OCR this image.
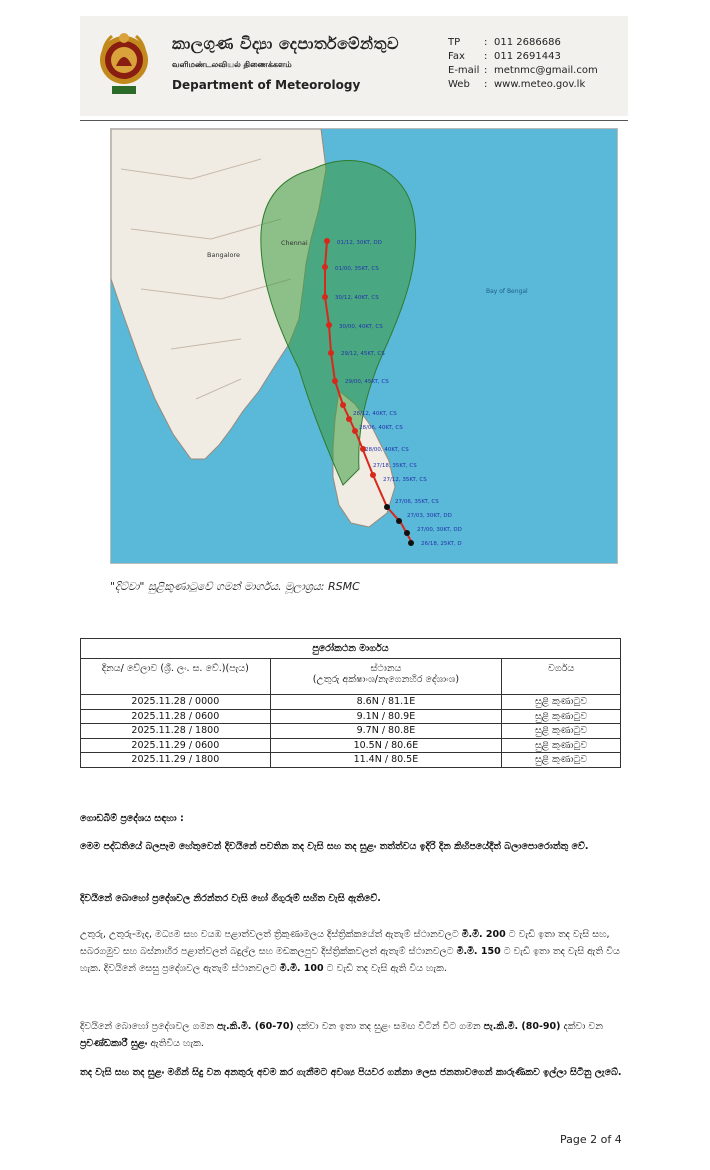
කාලගුණ විද්‍යා දෙපාර්තමේන්තුව
வளிமண்டலவியல் திணைக்களம்
Department of Meteorology
TP	: 011 2686686
Fax	: 011 2691443
E-mail : metnmc@gmail.com
Web	: www.meteo.gov.lk
01/12, 30KT, DD
01/00, 35KT, CS
30/12, 40KT, CS
30/00, 40KT, CS
29/12, 45KT, CS
29/00, 45KT, CS
28/12, 40KT, CS
28/06, 40KT, CS
28/00, 40KT, CS
27/18, 35KT, CS
27/12, 35KT, CS
27/06, 35KT, CS
27/03, 30KT, DD
27/00, 30KT, DD
26/18, 25KT, D
Bangalore
Chennai
Bay of Bengal
"දිට්වා" සුළිකුණාටුවේ ගමන් මාර්ගය. මූලාශ්‍රය: RSMC
පුරෝකථන මාර්ගය		
දිනය/ වේලාව (ශ්‍රී. ලං. ස. වේ.)(පැය)	ස්ථානය
(උතුරු අක්ෂාංශ/නැගෙනහිර දේශාංශ)	වර්ගය
2025.11.28 / 0000	8.6N / 81.1E	සුළි කුණාටුව
2025.11.28 / 0600	9.1N / 80.9E	සුළි කුණාටුව
2025.11.28 / 1800	9.7N / 80.8E	සුළි කුණාටුව
2025.11.29 / 0600	10.5N / 80.6E	සුළි කුණාටුව
2025.11.29 / 1800	11.4N / 80.5E	සුළි කුණාටුව
ගොඩබිම් ප්‍රදේශය සඳහා :
මෙම පද්ධතියේ බලපෑම හේතුවෙන් දිවයිනේ පවතින තද වැසි සහ තද සුළං තත්ත්වය ඉදිරි දින කිහිපයේදීත් බලාපොරොත්තු වේ.
දිවයිනේ බොහෝ ප්‍රදේශවල නිරන්තර වැසි හෝ ගිගුරුම් සහිත වැසි ඇතිවේ.
උතුරු, උතුරු-මැද, මධ්‍යම සහ වයඹ පළාත්වලත් ත්‍රිකුණාමලය දිස්ත්‍රික්කයේත් ඇතැම් ස්ථානවලට මි.මී. 200 ට වැඩි ඉතා තද වැසි සහ, සබරගමුව සහ බස්නාහිර පළාත්වලත් බදුල්ල සහ මඩකලපුව දිස්ත්‍රික්කවලත් ඇතැම් ස්ථානවලට මි.මී. 150 ට වැඩි ඉතා තද වැසි ඇති විය හැක. දිවයිනේ සෙසු ප්‍රදේශවල ඇතැම් ස්ථානවලට මි.මී. 100 ට වැඩි තද වැසි ඇති විය හැක.
දිවයිනේ බොහෝ ප්‍රදේශවල ගමන පැ.කි.මී. (60-70) දක්වා වන ඉතා තද සුළං සමඟ විටින් විට ගමන පැ.කි.මී. (80-90) දක්වා වන ප්‍රචණ්ඩකාරී සුළං ඇතිවිය හැක.
තද වැසි සහ තද සුළං මගින් සිදු වන අනතුරු අවම කර ගැනීමට අවශ්‍ය පියවර ගන්නා ලෙස ජනතාවගෙන් කාරුණිකව ඉල්ලා සිටිනු ලැබේ.
Page 2 of 4
